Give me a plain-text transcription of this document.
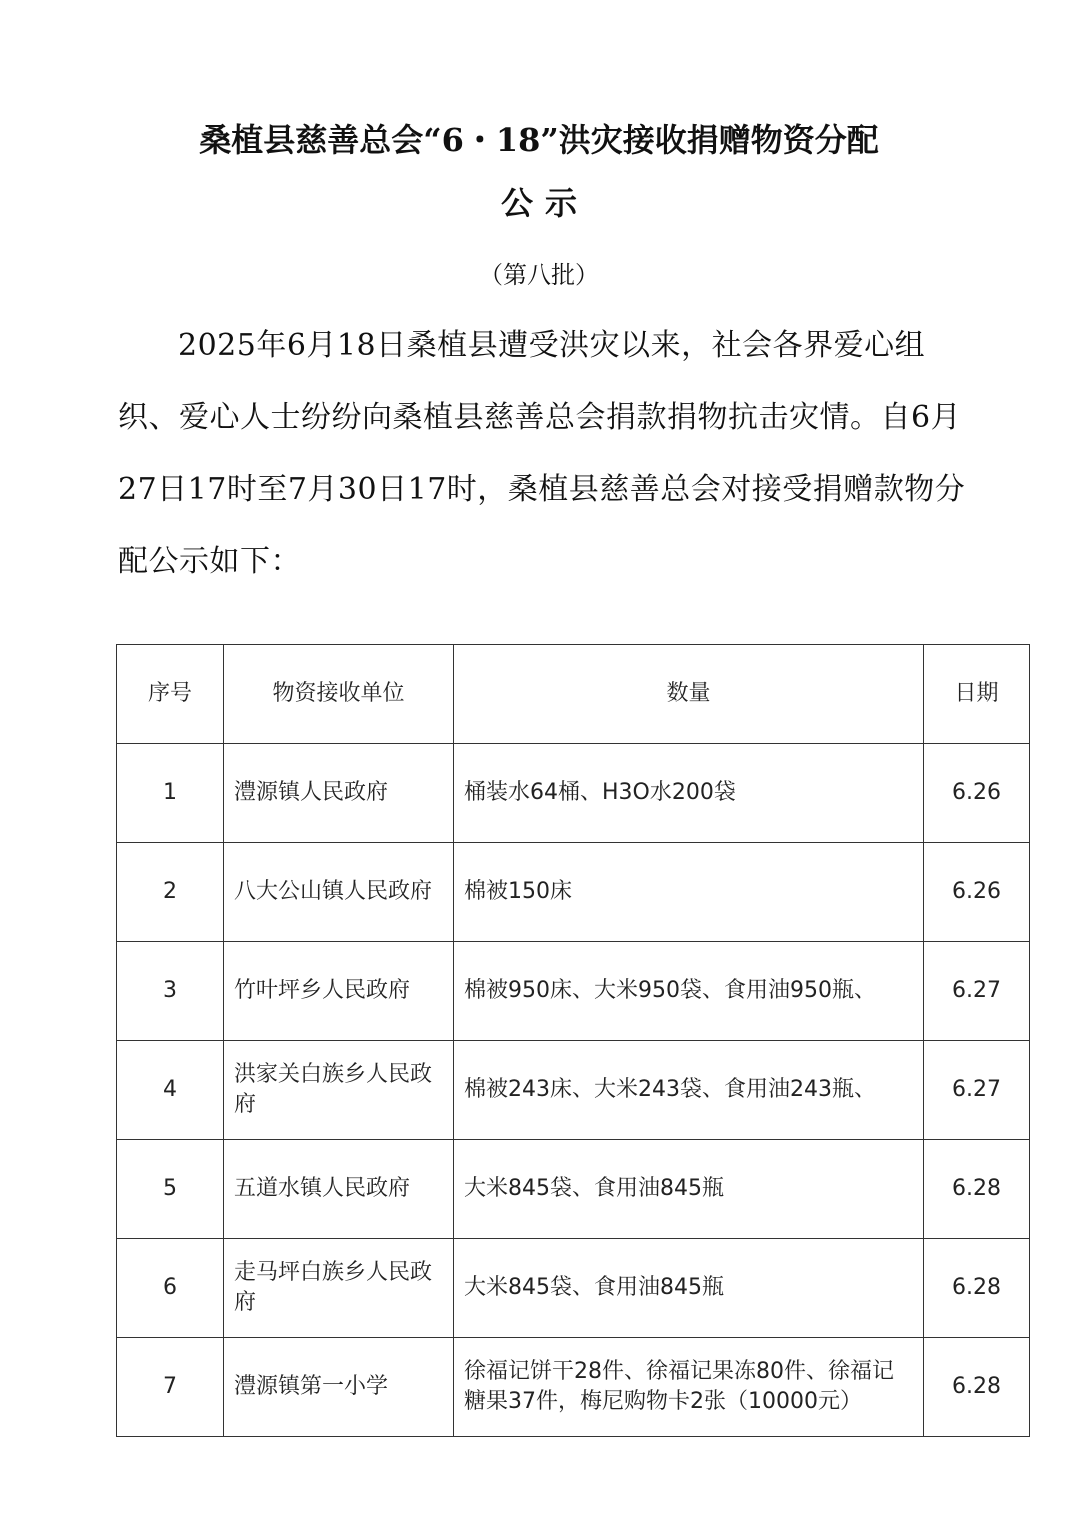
桑植县慈善总会“6・18”洪灾接收捐赠物资分配
公示
（第八批）
2025年6月18日桑植县遭受洪灾以来，社会各界爱心组织、爱心人士纷纷向桑植县慈善总会捐款捐物抗击灾情。自6月27日17时至7月30日17时，桑植县慈善总会对接受捐赠款物分配公示如下：
序号	物资接收单位	数量	日期
1	澧源镇人民政府	桶装水64桶、H3O水200袋	6.26
2	八大公山镇人民政府	棉被150床	6.26
3	竹叶坪乡人民政府	棉被950床、大米950袋、食用油950瓶、	6.27
4	洪家关白族乡人民政府	棉被243床、大米243袋、食用油243瓶、	6.27
5	五道水镇人民政府	大米845袋、食用油845瓶	6.28
6	走马坪白族乡人民政府	大米845袋、食用油845瓶	6.28
7	澧源镇第一小学	徐福记饼干28件、徐福记果冻80件、徐福记糖果37件，梅尼购物卡2张（10000元）	6.28
